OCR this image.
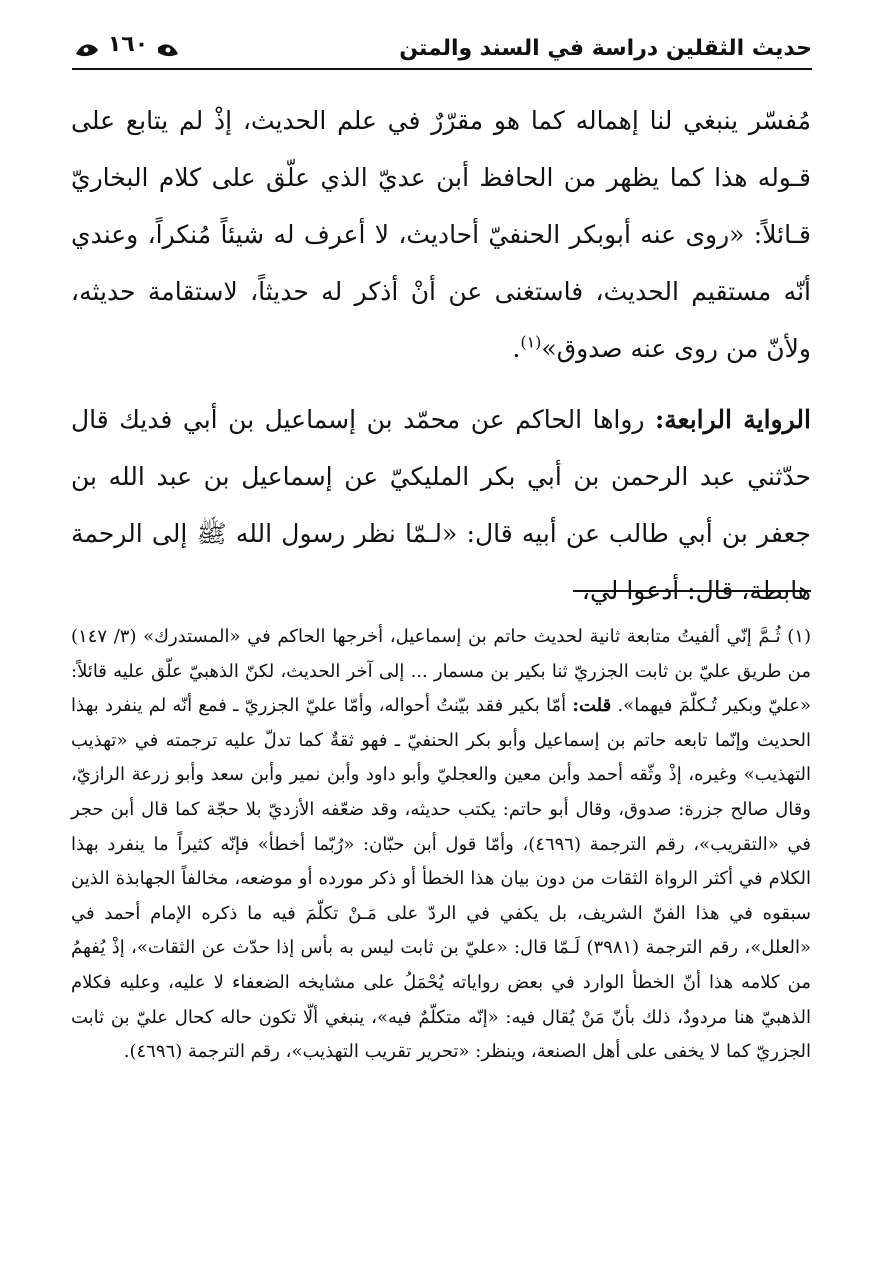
حديث الثقلين دراسة في السند والمتن
١٦٠

مُفسّر ينبغي لنا إهماله كما هو مقرّرٌ في علم الحديث، إذْ لم يتابع على قـوله هذا كما يظهر من الحافظ أبن عديّ الذي علّق على كلام البخاريّ قـائلاً: «روى عنه أبوبكر الحنفيّ أحاديث، لا أعرف له شيئاً مُنكراً، وعندي أنّه مستقيم الحديث، فاستغنى عن أنْ أذكر له حديثاً، لاستقامة حديثه، ولأنّ من روى عنه صدوق»$^{(١)}$.

الرواية الرابعة: رواها الحاكم عن محمّد بن إسماعيل بن أبي فديك قال حدّثني عبد الرحمن بن أبي بكر المليكيّ عن إسماعيل بن عبد الله بن جعفر بن أبي طالب عن أبيه قال: «لـمّا نظر رسول الله ﷺ إلى الرحمة هابطة، قال: أدعوا لي،

(١) ثُـمَّ إنّي ألفيتُ متابعة ثانية لحديث حاتم بن إسماعيل، أخرجها الحاكم في «المستدرك» (٣/ ١٤٧) من طريق عليّ بن ثابت الجزريّ ثنا بكير بن مسمار ... إلى آخر الحديث، لكنّ الذهبيّ علّق عليه قائلاً: «عليّ وبكير تُـكلّمَ فيهما». قلت: أمّا بكير فقد بيّنتُ أحواله، وأمّا عليّ الجزريّ ـ فمع أنّه لم ينفرد بهذا الحديث وإنّما تابعه حاتم بن إسماعيل وأبو بكر الحنفيّ ـ فهو ثقةٌ كما تدلّ عليه ترجمته في «تهذيب التهذيب» وغيره، إذْ وثّقه أحمد وأبن معين والعجليّ وأبو داود وأبن نمير وأبن سعد وأبو زرعة الرازيّ، وقال صالح جزرة: صدوق، وقال أبو حاتم: يكتب حديثه، وقد ضعّفه الأزديّ بلا حجّة كما قال أبن حجر في «التقريب»، رقم الترجمة (٤٦٩٦)، وأمّا قول أبن حبّان: «رُبّما أخطأ» فإنّه كثيراً ما ينفرد بهذا الكلام في أكثر الرواة الثقات من دون بيان هذا الخطأ أو ذكر مورده أو موضعه، مخالفاً الجهابذة الذين سبقوه في هذا الفنّ الشريف، بل يكفي في الردّ على مَـنْ تكلّمَ فيه ما ذكره الإمام أحمد في «العلل»، رقم الترجمة (٣٩٨١) لَـمّا قال: «عليّ بن ثابت ليس به بأس إذا حدّث عن الثقات»، إذْ يُفهمُ من كلامه هذا أنّ الخطأ الوارد في بعض رواياته يُحْمَلُ على مشايخه الضعفاء لا عليه، وعليه فكلام الذهبيّ هنا مردودٌ، ذلك بأنّ مَنْ يُقال فيه: «إنّه متكلّمٌ فيه»، ينبغي ألّا تكون حاله كحال عليّ بن ثابت الجزريّ كما لا يخفى على أهل الصنعة، وينظر: «تحرير تقريب التهذيب»، رقم الترجمة (٤٦٩٦).
